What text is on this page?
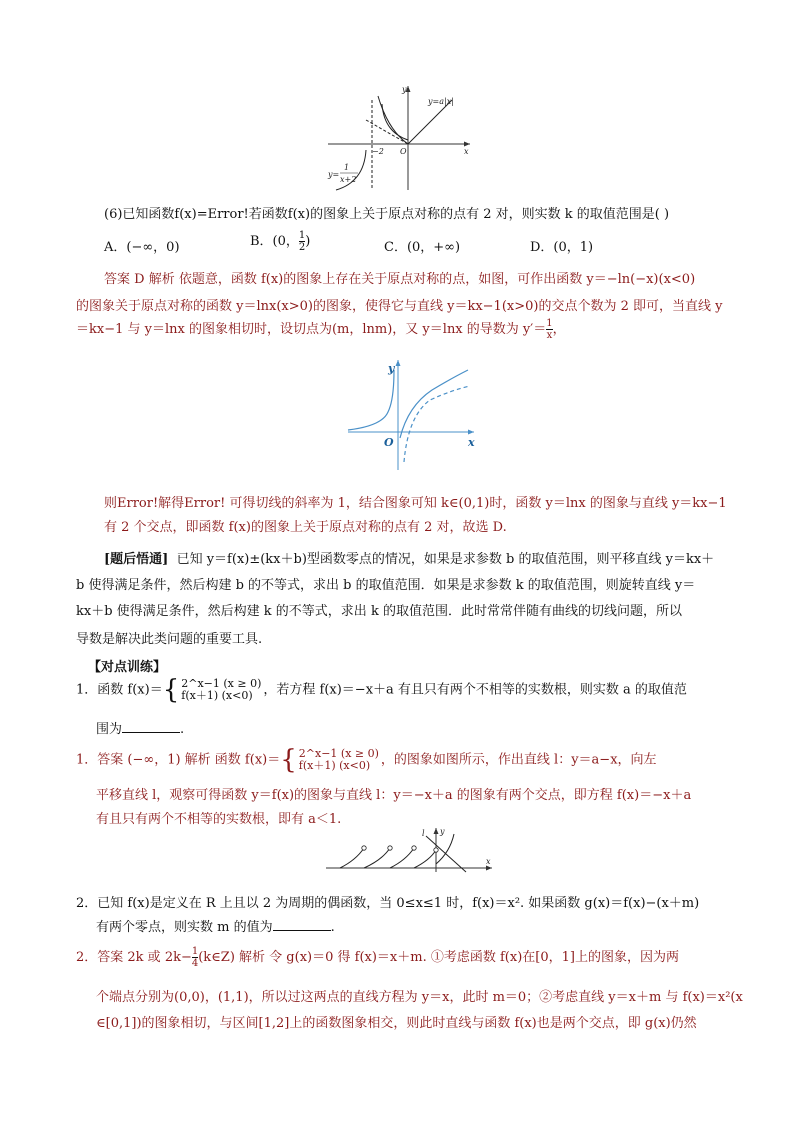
y
x
O
−2
y=a|x|
y=
1
x+2
(6)已知函数f(x)=Error!若函数f(x)的图象上关于原点对称的点有 2 对，则实数 k 的取值范围是( )
A．(−∞，0)	B．(0， $\frac{1}{2}$ )	C．(0，+∞)	D．(0，1)
答案 D 解析 依题意，函数 f(x)的图象上存在关于原点对称的点，如图，可作出函数 y＝−ln(−x)(x<0)
的图象关于原点对称的函数 y＝lnx(x>0)的图象，使得它与直线 y＝kx−1(x>0)的交点个数为 2 即可，当直线 y
＝kx−1 与 y＝lnx 的图象相切时，设切点为(m，lnm)，又 y＝lnx 的导数为 $y'= \frac{1}{x}$ ，
y
x
O
则Error!解得Error! 可得切线的斜率为 1，结合图象可知 k∈(0,1)时，函数 y＝lnx 的图象与直线 y＝kx−1
有 2 个交点，即函数 f(x)的图象上关于原点对称的点有 2 对，故选 D.
[题后悟通] 已知 y＝f(x)±(kx＋b)型函数零点的情况，如果是求参数 b 的取值范围，则平移直线 y＝kx＋
b 使得满足条件，然后构建 b 的不等式，求出 b 的取值范围．如果是求参数 k 的取值范围，则旋转直线 y＝
kx＋b 使得满足条件，然后构建 k 的不等式，求出 k 的取值范围．此时常常伴随有曲线的切线问题，所以
导数是解决此类问题的重要工具.
【对点训练】
1．函数 f(x)＝{ 2^x−1 (x ≥ 0)
f(x＋1) (x<0) ，若方程 f(x)＝−x＋a 有且只有两个不相等的实数根，则实数 a 的取值范
围为	.
1．答案 (−∞，1) 解析 函数 f(x)＝{ 2^x−1 (x ≥ 0)
f(x＋1) (x<0) ，的图象如图所示，作出直线 l：y＝a−x，向左
平移直线 l，观察可得函数 y＝f(x)的图象与直线 l：y＝−x＋a 的图象有两个交点，即方程 f(x)＝−x＋a
有且只有两个不相等的实数根，即有 a＜1.
l y
x
2．已知 f(x)是定义在 R 上且以 2 为周期的偶函数，当 0≤x≤1 时，f(x)＝x². 如果函数 g(x)＝f(x)−(x＋m)
有两个零点，则实数 m 的值为	.
2．答案 2k 或 $2k- \frac{1}{4}$ (k∈Z) 解析 令 g(x)＝0 得 f(x)＝x＋m. ①考虑函数 f(x)在[0，1]上的图象，因为两
个端点分别为(0,0)，(1,1)，所以过这两点的直线方程为 y＝x，此时 m＝0；②考虑直线 y＝x＋m 与 f(x)＝x²(x
∈[0,1])的图象相切，与区间[1,2]上的函数图象相交，则此时直线与函数 f(x)也是两个交点，即 g(x)仍然
